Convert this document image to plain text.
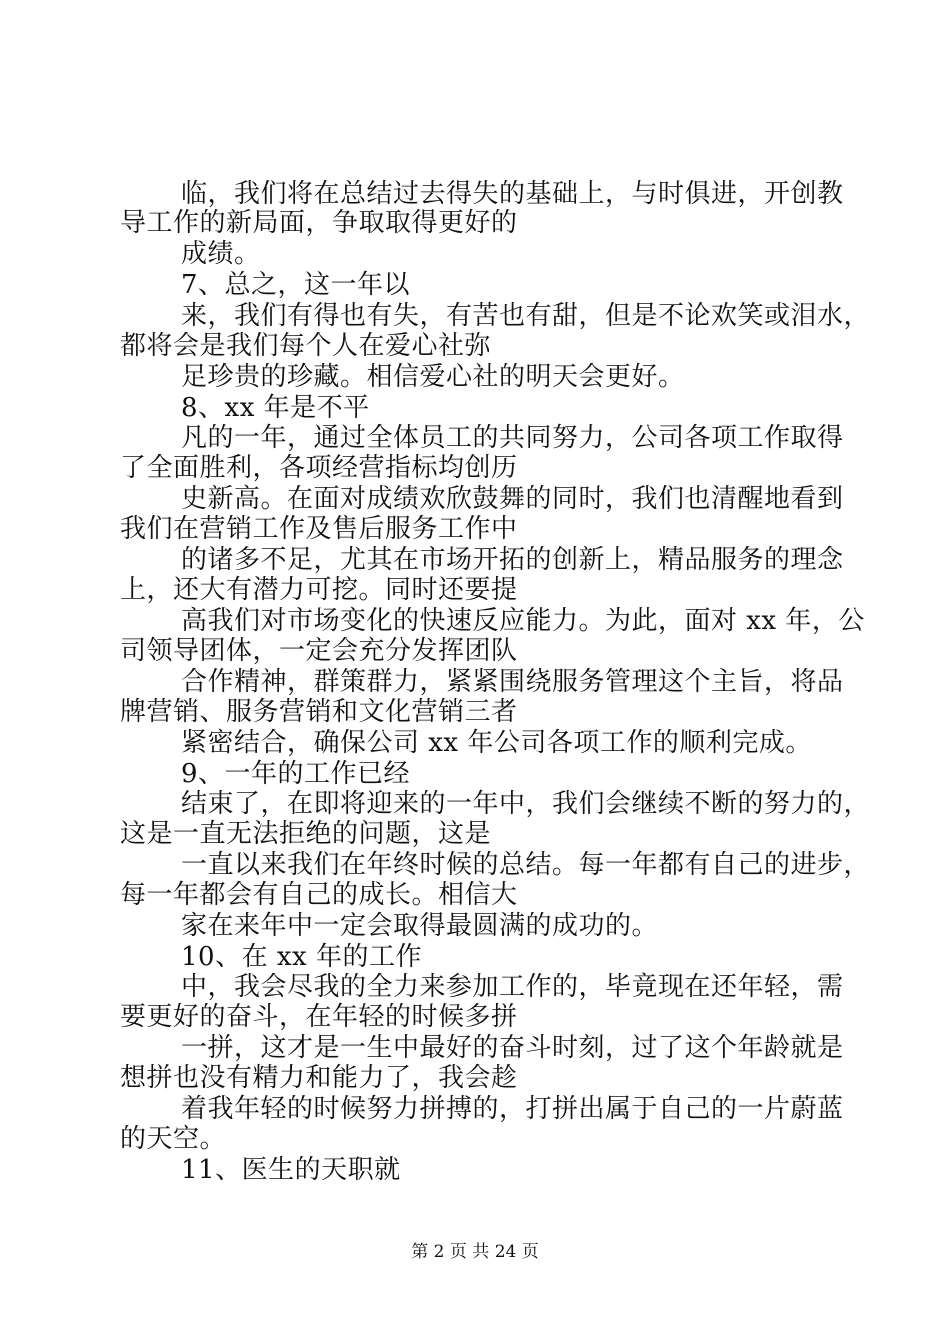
临，我们将在总结过去得失的基础上，与时俱进，开创教

导工作的新局面，争取取得更好的

成绩。

7、总之，这一年以

来，我们有得也有失，有苦也有甜，但是不论欢笑或泪水，

都将会是我们每个人在爱心社弥

足珍贵的珍藏。相信爱心社的明天会更好。

8、xx 年是不平

凡的一年，通过全体员工的共同努力，公司各项工作取得

了全面胜利，各项经营指标均创历

史新高。在面对成绩欢欣鼓舞的同时，我们也清醒地看到

我们在营销工作及售后服务工作中

的诸多不足，尤其在市场开拓的创新上，精品服务的理念

上，还大有潜力可挖。同时还要提

高我们对市场变化的快速反应能力。为此，面对 xx 年，公

司领导团体，一定会充分发挥团队

合作精神，群策群力，紧紧围绕服务管理这个主旨，将品

牌营销、服务营销和文化营销三者

紧密结合，确保公司 xx 年公司各项工作的顺利完成。

9、一年的工作已经

结束了，在即将迎来的一年中，我们会继续不断的努力的，

这是一直无法拒绝的问题，这是

一直以来我们在年终时候的总结。每一年都有自己的进步，

每一年都会有自己的成长。相信大

家在来年中一定会取得最圆满的成功的。

10、在 xx 年的工作

中，我会尽我的全力来参加工作的，毕竟现在还年轻，需

要更好的奋斗，在年轻的时候多拼

一拼，这才是一生中最好的奋斗时刻，过了这个年龄就是

想拼也没有精力和能力了，我会趁

着我年轻的时候努力拼搏的，打拼出属于自己的一片蔚蓝

的天空。

11、医生的天职就

第 2 页 共 24 页
